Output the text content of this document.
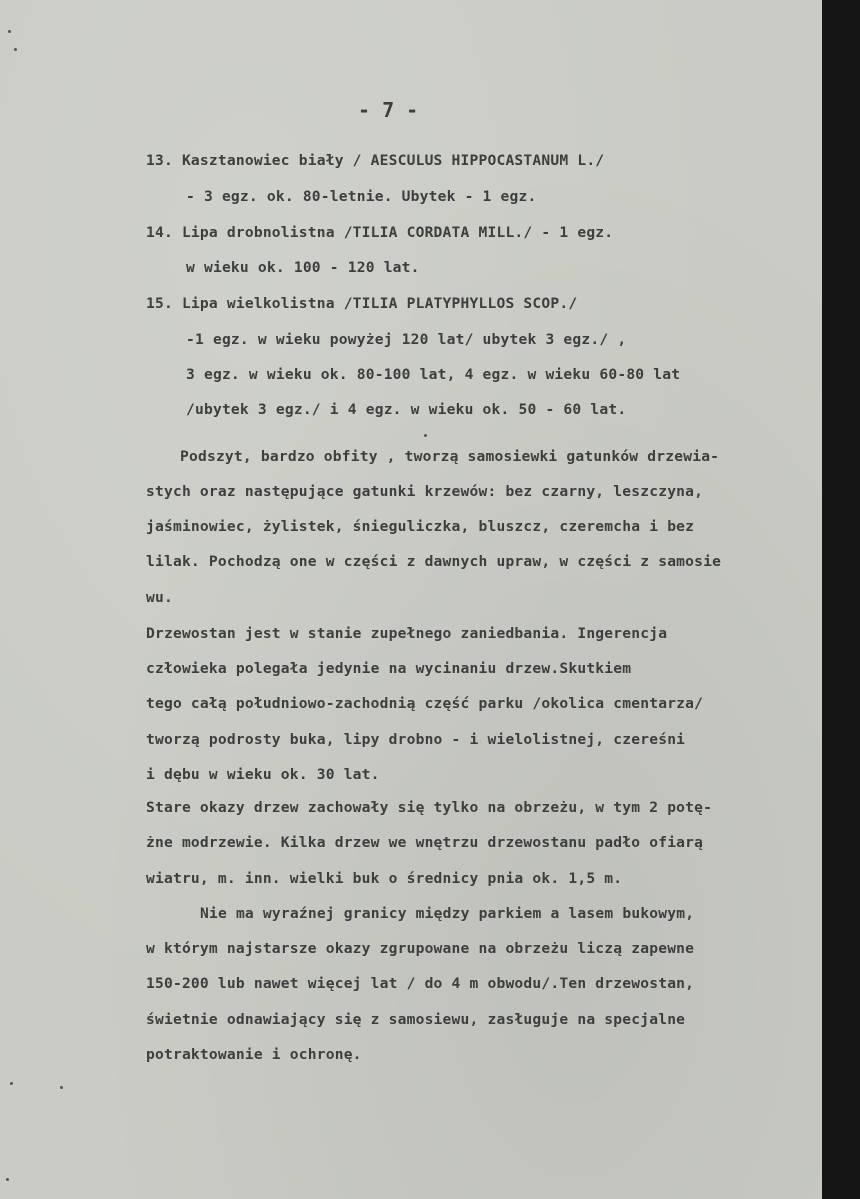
- 7 -
13. Kasztanowiec biały / AESCULUS HIPPOCASTANUM L./
- 3 egz. ok. 80-letnie. Ubytek - 1 egz.
14. Lipa drobnolistna /TILIA CORDATA MILL./ - 1 egz.
w wieku ok. 100 - 120 lat.
15. Lipa wielkolistna /TILIA PLATYPHYLLOS SCOP./
-1 egz. w wieku powyżej 120 lat/ ubytek 3 egz./ ,
3 egz. w wieku ok. 80-100 lat, 4 egz. w wieku 60-80 lat
/ubytek 3 egz./ i 4 egz. w wieku ok. 50 - 60 lat.
Podszyt, bardzo obfity , tworzą samosiewki gatunków drzewia-
stych oraz następujące gatunki krzewów: bez czarny, leszczyna,
jaśminowiec, żylistek, śnieguliczka, bluszcz, czeremcha i bez
lilak. Pochodzą one w części z dawnych upraw, w części z samosie
wu.
Drzewostan jest w stanie zupełnego zaniedbania. Ingerencja
człowieka polegała jedynie na wycinaniu drzew.Skutkiem
tego całą południowo-zachodnią część parku /okolica cmentarza/
tworzą podrosty buka, lipy drobno - i wielolistnej, czereśni
i dębu w wieku ok. 30 lat.
Stare okazy drzew zachowały się tylko na obrzeżu, w tym 2 potę-
żne modrzewie. Kilka drzew we wnętrzu drzewostanu padło ofiarą
wiatru, m. inn. wielki buk o średnicy pnia ok. 1,5 m.
Nie ma wyraźnej granicy między parkiem a lasem bukowym,
w którym najstarsze okazy zgrupowane na obrzeżu liczą zapewne
150-200 lub nawet więcej lat / do 4 m obwodu/.Ten drzewostan,
świetnie odnawiający się z samosiewu, zasługuje na specjalne
potraktowanie i ochronę.
